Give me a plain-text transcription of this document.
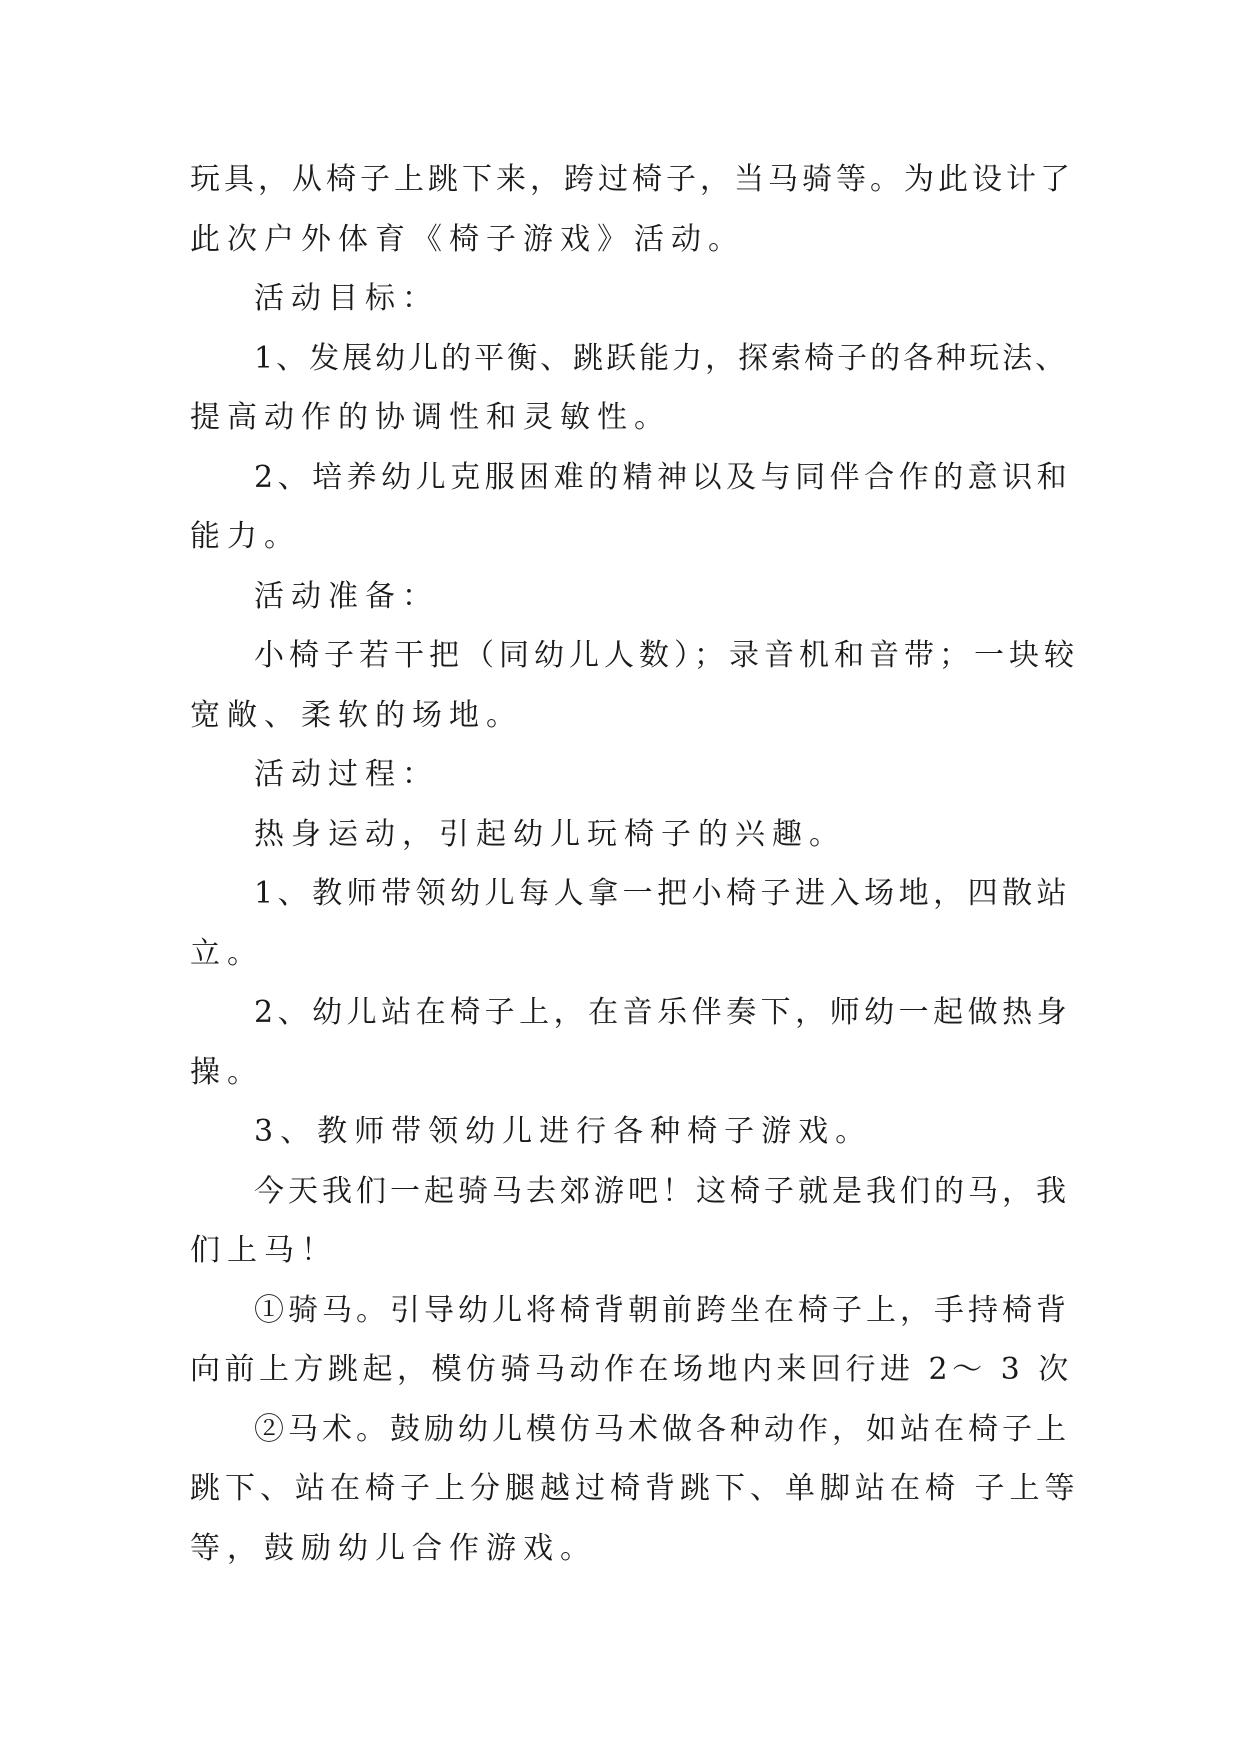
玩具，从椅子上跳下来，跨过椅子，当马骑等。为此设计了
此次户外体育《椅子游戏》活动。
活动目标：
1、发展幼儿的平衡、跳跃能力，探索椅子的各种玩法、
提高动作的协调性和灵敏性。
2、培养幼儿克服困难的精神以及与同伴合作的意识和
能力。
活动准备：
小椅子若干把（同幼儿人数）；录音机和音带；一块较
宽敞、柔软的场地。
活动过程：
热身运动，引起幼儿玩椅子的兴趣。
1、教师带领幼儿每人拿一把小椅子进入场地，四散站
立。
2、幼儿站在椅子上，在音乐伴奏下，师幼一起做热身
操。
3、教师带领幼儿进行各种椅子游戏。
今天我们一起骑马去郊游吧！这椅子就是我们的马，我
们上马！
①骑马。引导幼儿将椅背朝前跨坐在椅子上，手持椅背
向前上方跳起，模仿骑马动作在场地内来回行进 2～ 3 次
②马术。鼓励幼儿模仿马术做各种动作，如站在椅子上
跳下、站在椅子上分腿越过椅背跳下、单脚站在椅 子上等
等，鼓励幼儿合作游戏。
